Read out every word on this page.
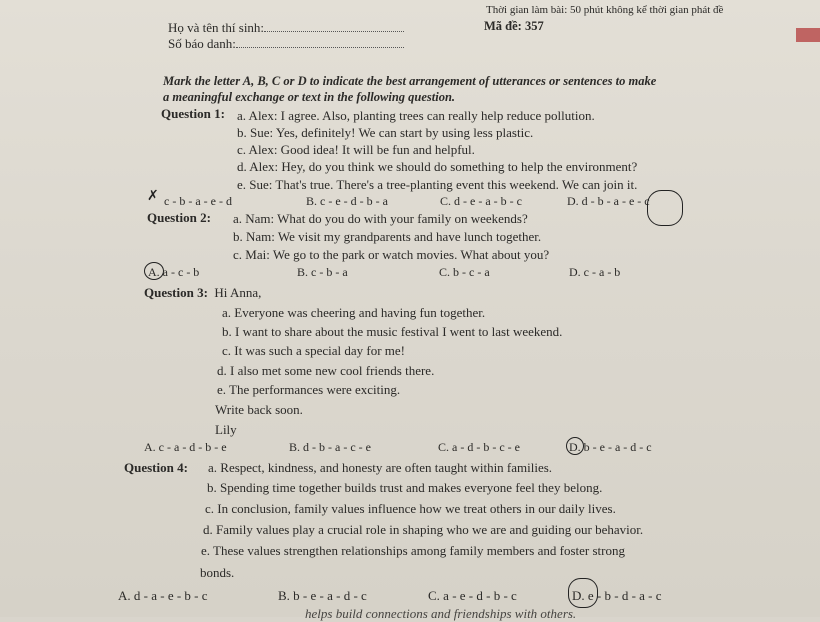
Thời gian làm bài: 50 phút không kể thời gian phát đề
Họ và tên thí sinh:	Mã đề: 357
Số báo danh:
Mark the letter A, B, C or D to indicate the best arrangement of utterances or sentences to make
a meaningful exchange or text in the following question.
Question 1: a. Alex: I agree. Also, planting trees can really help reduce pollution.
b. Sue: Yes, definitely! We can start by using less plastic.
c. Alex: Good idea! It will be fun and helpful.
d. Alex: Hey, do you think we should do something to help the environment?
e. Sue: That's true. There's a tree-planting event this weekend. We can join it.
✗ c - b - a - e - d	B. c - e - d - b - a	C. d - e - a - b - c	D. d - b - a - e - c
Question 2: a. Nam: What do you do with your family on weekends?
b. Nam: We visit my grandparents and have lunch together.
c. Mai: We go to the park or watch movies. What about you?
A. a - c - b	B. c - b - a	C. b - c - a	D. c - a - b
Question 3: Hi Anna,
a. Everyone was cheering and having fun together.
b. I want to share about the music festival I went to last weekend.
c. It was such a special day for me!
d. I also met some new cool friends there.
e. The performances were exciting.
Write back soon.
Lily
A. c - a - d - b - e	B. d - b - a - c - e	C. a - d - b - c - e	D. b - e - a - d - c
Question 4: a. Respect, kindness, and honesty are often taught within families.
b. Spending time together builds trust and makes everyone feel they belong.
c. In conclusion, family values influence how we treat others in our daily lives.
d. Family values play a crucial role in shaping who we are and guiding our behavior.
e. These values strengthen relationships among family members and foster strong
bonds.
A. d - a - e - b - c	B. b - e - a - d - c	C. a - e - d - b - c	D. e - b - d - a - c
helps build connections and friendships with others.
